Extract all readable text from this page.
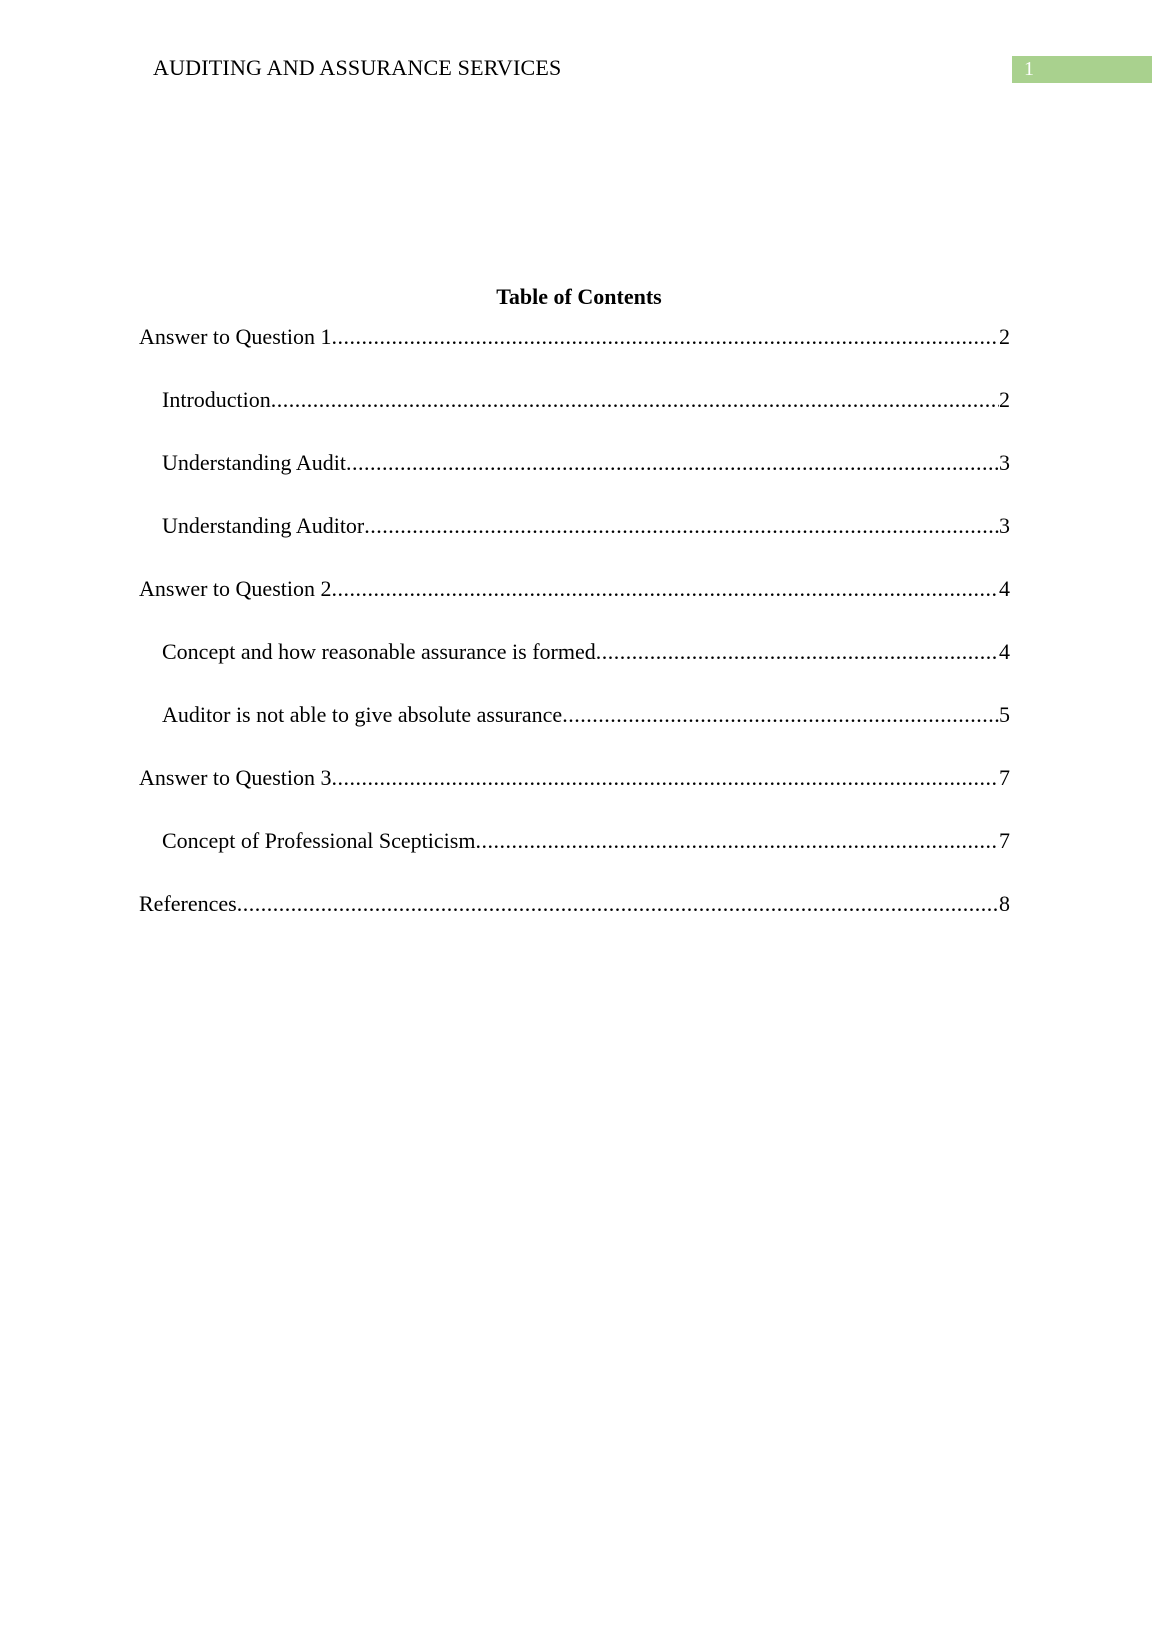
AUDITING AND ASSURANCE SERVICES	1
Table of Contents
Answer to Question 1 .....	2
Introduction .....	2
Understanding Audit .....	3
Understanding Auditor .....	3
Answer to Question 2 .....	4
Concept and how reasonable assurance is formed .....	4
Auditor is not able to give absolute assurance .....	5
Answer to Question 3 .....	7
Concept of Professional Scepticism .....	7
References .....	8
